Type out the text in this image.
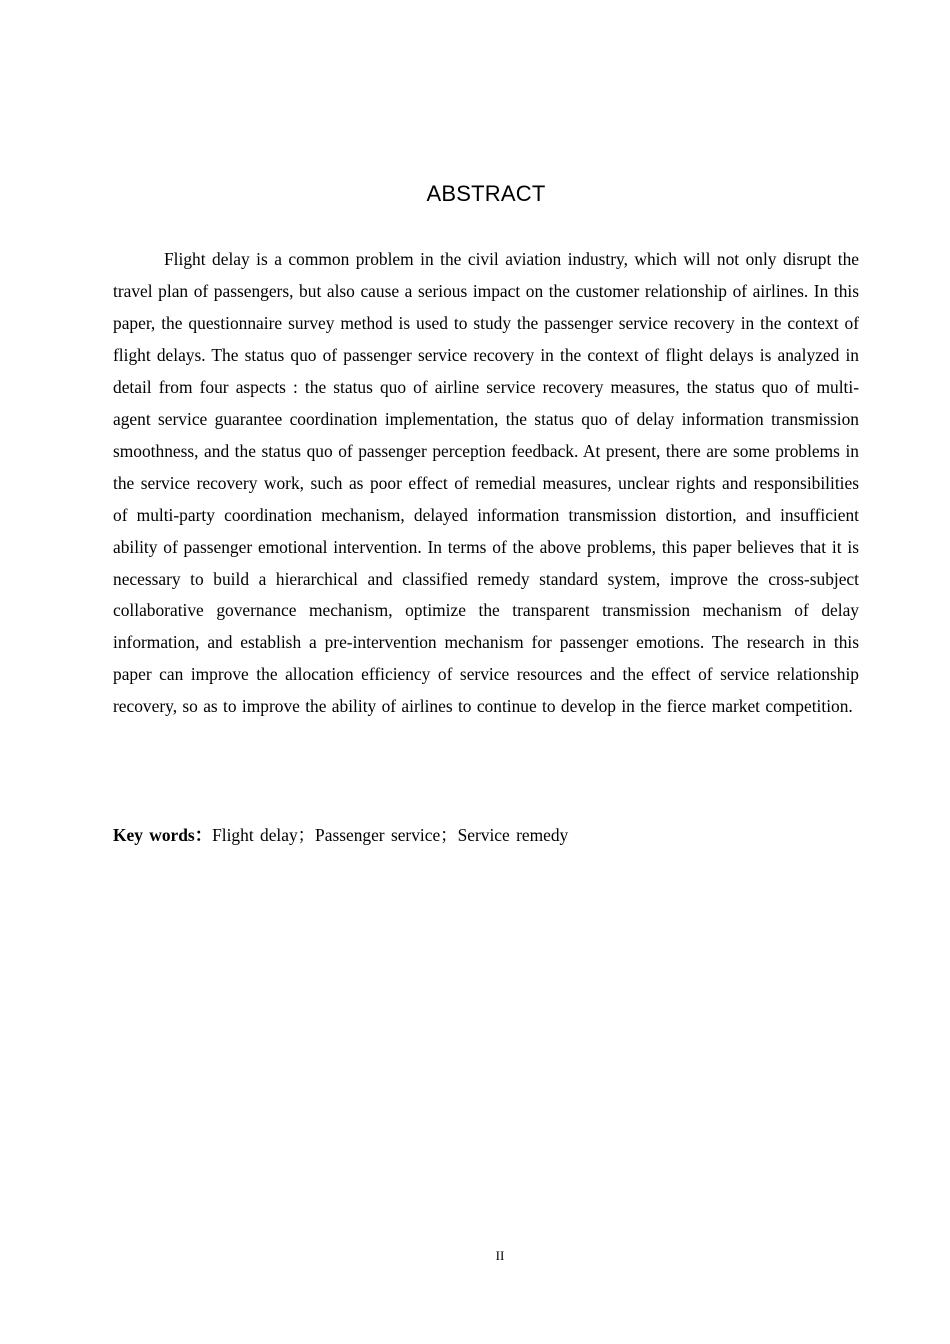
ABSTRACT

Flight delay is a common problem in the civil aviation industry, which will not only disrupt the travel plan of passengers, but also cause a serious impact on the customer relationship of airlines. In this paper, the questionnaire survey method is used to study the passenger service recovery in the context of flight delays. The status quo of passenger service recovery in the context of flight delays is analyzed in detail from four aspects : the status quo of airline service recovery measures, the status quo of multi-agent service guarantee coordination implementation, the status quo of delay information transmission smoothness, and the status quo of passenger perception feedback. At present, there are some problems in the service recovery work, such as poor effect of remedial measures, unclear rights and responsibilities of multi-party coordination mechanism, delayed information transmission distortion, and insufficient ability of passenger emotional intervention. In terms of the above problems, this paper believes that it is necessary to build a hierarchical and classified remedy standard system, improve the cross-subject collaborative governance mechanism, optimize the transparent transmission mechanism of delay information, and establish a pre-intervention mechanism for passenger emotions. The research in this paper can improve the allocation efficiency of service resources and the effect of service relationship recovery, so as to improve the ability of airlines to continue to develop in the fierce market competition.

Key words：Flight delay；Passenger service；Service remedy

II
